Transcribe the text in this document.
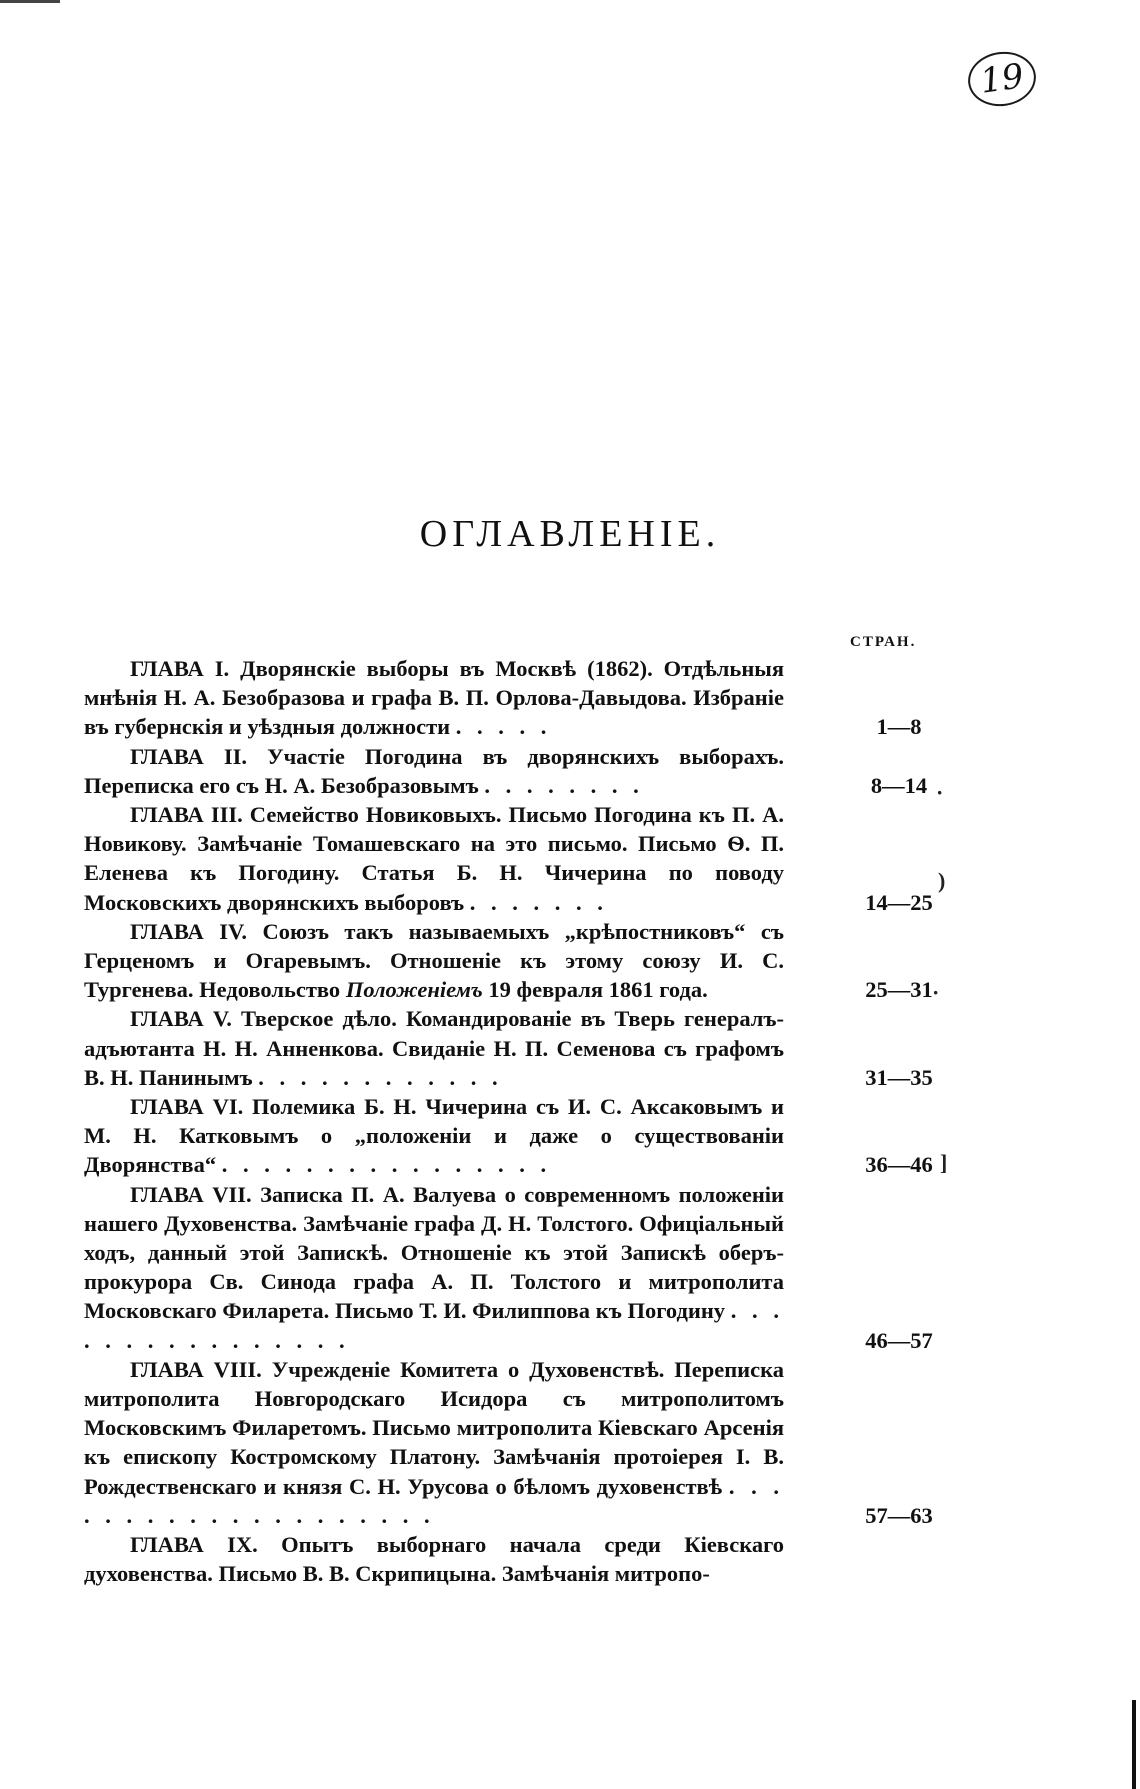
19
ОГЛАВЛЕНІЕ.
СТРАН.
ГЛАВА I. Дворянскіе выборы въ Москвѣ (1862). Отдѣльныя мнѣнія Н. А. Безобразова и графа В. П. Орлова-Давыдова. Избраніе въ губернскія и уѣздныя должности . . . . .	1—8
ГЛАВА II. Участіе Погодина въ дворянскихъ выборахъ. Переписка его съ Н. А. Безобразовымъ . . . . . . . .	8—14
ГЛАВА III. Семейство Новиковыхъ. Письмо Погодина къ П. А. Новикову. Замѣчаніе Томашевскаго на это письмо. Письмо Ѳ. П. Еленева къ Погодину. Статья Б. Н. Чичерина по поводу Московскихъ дворянскихъ выборовъ . . . . . . .	14—25
ГЛАВА IV. Союзъ такъ называемыхъ „крѣпостниковъ“ съ Герценомъ и Огаревымъ. Отношеніе къ этому союзу И. С. Тургенева. Недовольство Положеніемъ 19 февраля 1861 года.	25—31
ГЛАВА V. Тверское дѣло. Командированіе въ Тверь генералъ-адъютанта Н. Н. Анненкова. Свиданіе Н. П. Семенова съ графомъ В. Н. Панинымъ . . . . . . . . . . . .	31—35
ГЛАВА VI. Полемика Б. Н. Чичерина съ И. С. Аксаковымъ и М. Н. Катковымъ о „положеніи и даже о существованіи Дворянства“ . . . . . . . . . . . . . . . .	36—46
ГЛАВА VII. Записка П. А. Валуева о современномъ положеніи нашего Духовенства. Замѣчаніе графа Д. Н. Толстого. Офиціальный ходъ, данный этой Запискѣ. Отношеніе къ этой Запискѣ оберъ-прокурора Св. Синода графа А. П. Толстого и митрополита Московскаго Филарета. Письмо Т. И. Филиппова къ Погодину . . . . . . . . . . . . . . . .	46—57
ГЛАВА VIII. Учрежденіе Комитета о Духовенствѣ. Переписка митрополита Новгородскаго Исидора съ митрополитомъ Московскимъ Филаретомъ. Письмо митрополита Кіевскаго Арсенія къ епископу Костромскому Платону. Замѣчанія протоіерея І. В. Рождественскаго и князя С. Н. Урусова о бѣломъ духовенствѣ . . . . . . . . . . . . . . . . . . . .	57—63
ГЛАВА IX. Опытъ выборнаго начала среди Кіевскаго духовенства. Письмо В. В. Скрипицына. Замѣчанія митропо-
·
)
·
]
